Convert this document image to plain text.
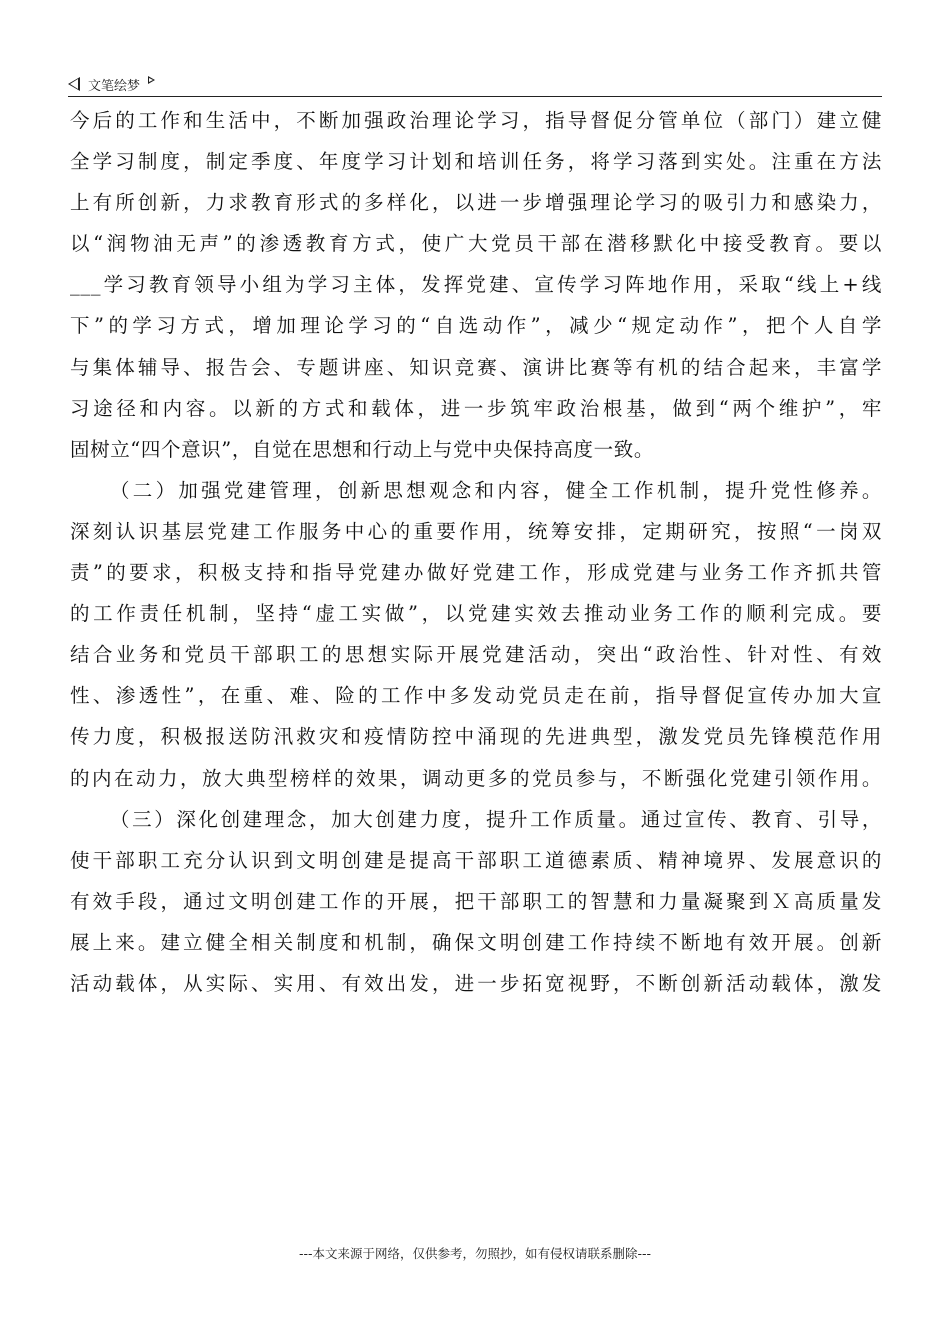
文笔绘梦
今后的工作和生活中，不断加强政治理论学习，指导督促分管单位（部门）建立健
全学习制度，制定季度、年度学习计划和培训任务，将学习落到实处。注重在方法
上有所创新，力求教育形式的多样化，以进一步增强理论学习的吸引力和感染力，
以“润物油无声”的渗透教育方式，使广大党员干部在潜移默化中接受教育。要以
___学习教育领导小组为学习主体，发挥党建、宣传学习阵地作用，采取“线上+线
下”的学习方式，增加理论学习的“自选动作”，减少“规定动作”，把个人自学
与集体辅导、报告会、专题讲座、知识竞赛、演讲比赛等有机的结合起来，丰富学
习途径和内容。以新的方式和载体，进一步筑牢政治根基，做到“两个维护”，牢
固树立“四个意识”，自觉在思想和行动上与党中央保持高度一致。
（二）加强党建管理，创新思想观念和内容，健全工作机制，提升党性修养。
深刻认识基层党建工作服务中心的重要作用，统筹安排，定期研究，按照“一岗双
责”的要求，积极支持和指导党建办做好党建工作，形成党建与业务工作齐抓共管
的工作责任机制，坚持“虚工实做”，以党建实效去推动业务工作的顺利完成。要
结合业务和党员干部职工的思想实际开展党建活动，突出“政治性、针对性、有效
性、渗透性”，在重、难、险的工作中多发动党员走在前，指导督促宣传办加大宣
传力度，积极报送防汛救灾和疫情防控中涌现的先进典型，激发党员先锋模范作用
的内在动力，放大典型榜样的效果，调动更多的党员参与，不断强化党建引领作用。
（三）深化创建理念，加大创建力度，提升工作质量。通过宣传、教育、引导，
使干部职工充分认识到文明创建是提高干部职工道德素质、精神境界、发展意识的
有效手段，通过文明创建工作的开展，把干部职工的智慧和力量凝聚到Ｘ高质量发
展上来。建立健全相关制度和机制，确保文明创建工作持续不断地有效开展。创新
活动载体，从实际、实用、有效出发，进一步拓宽视野，不断创新活动载体，激发
---本文来源于网络，仅供参考，勿照抄，如有侵权请联系删除---
